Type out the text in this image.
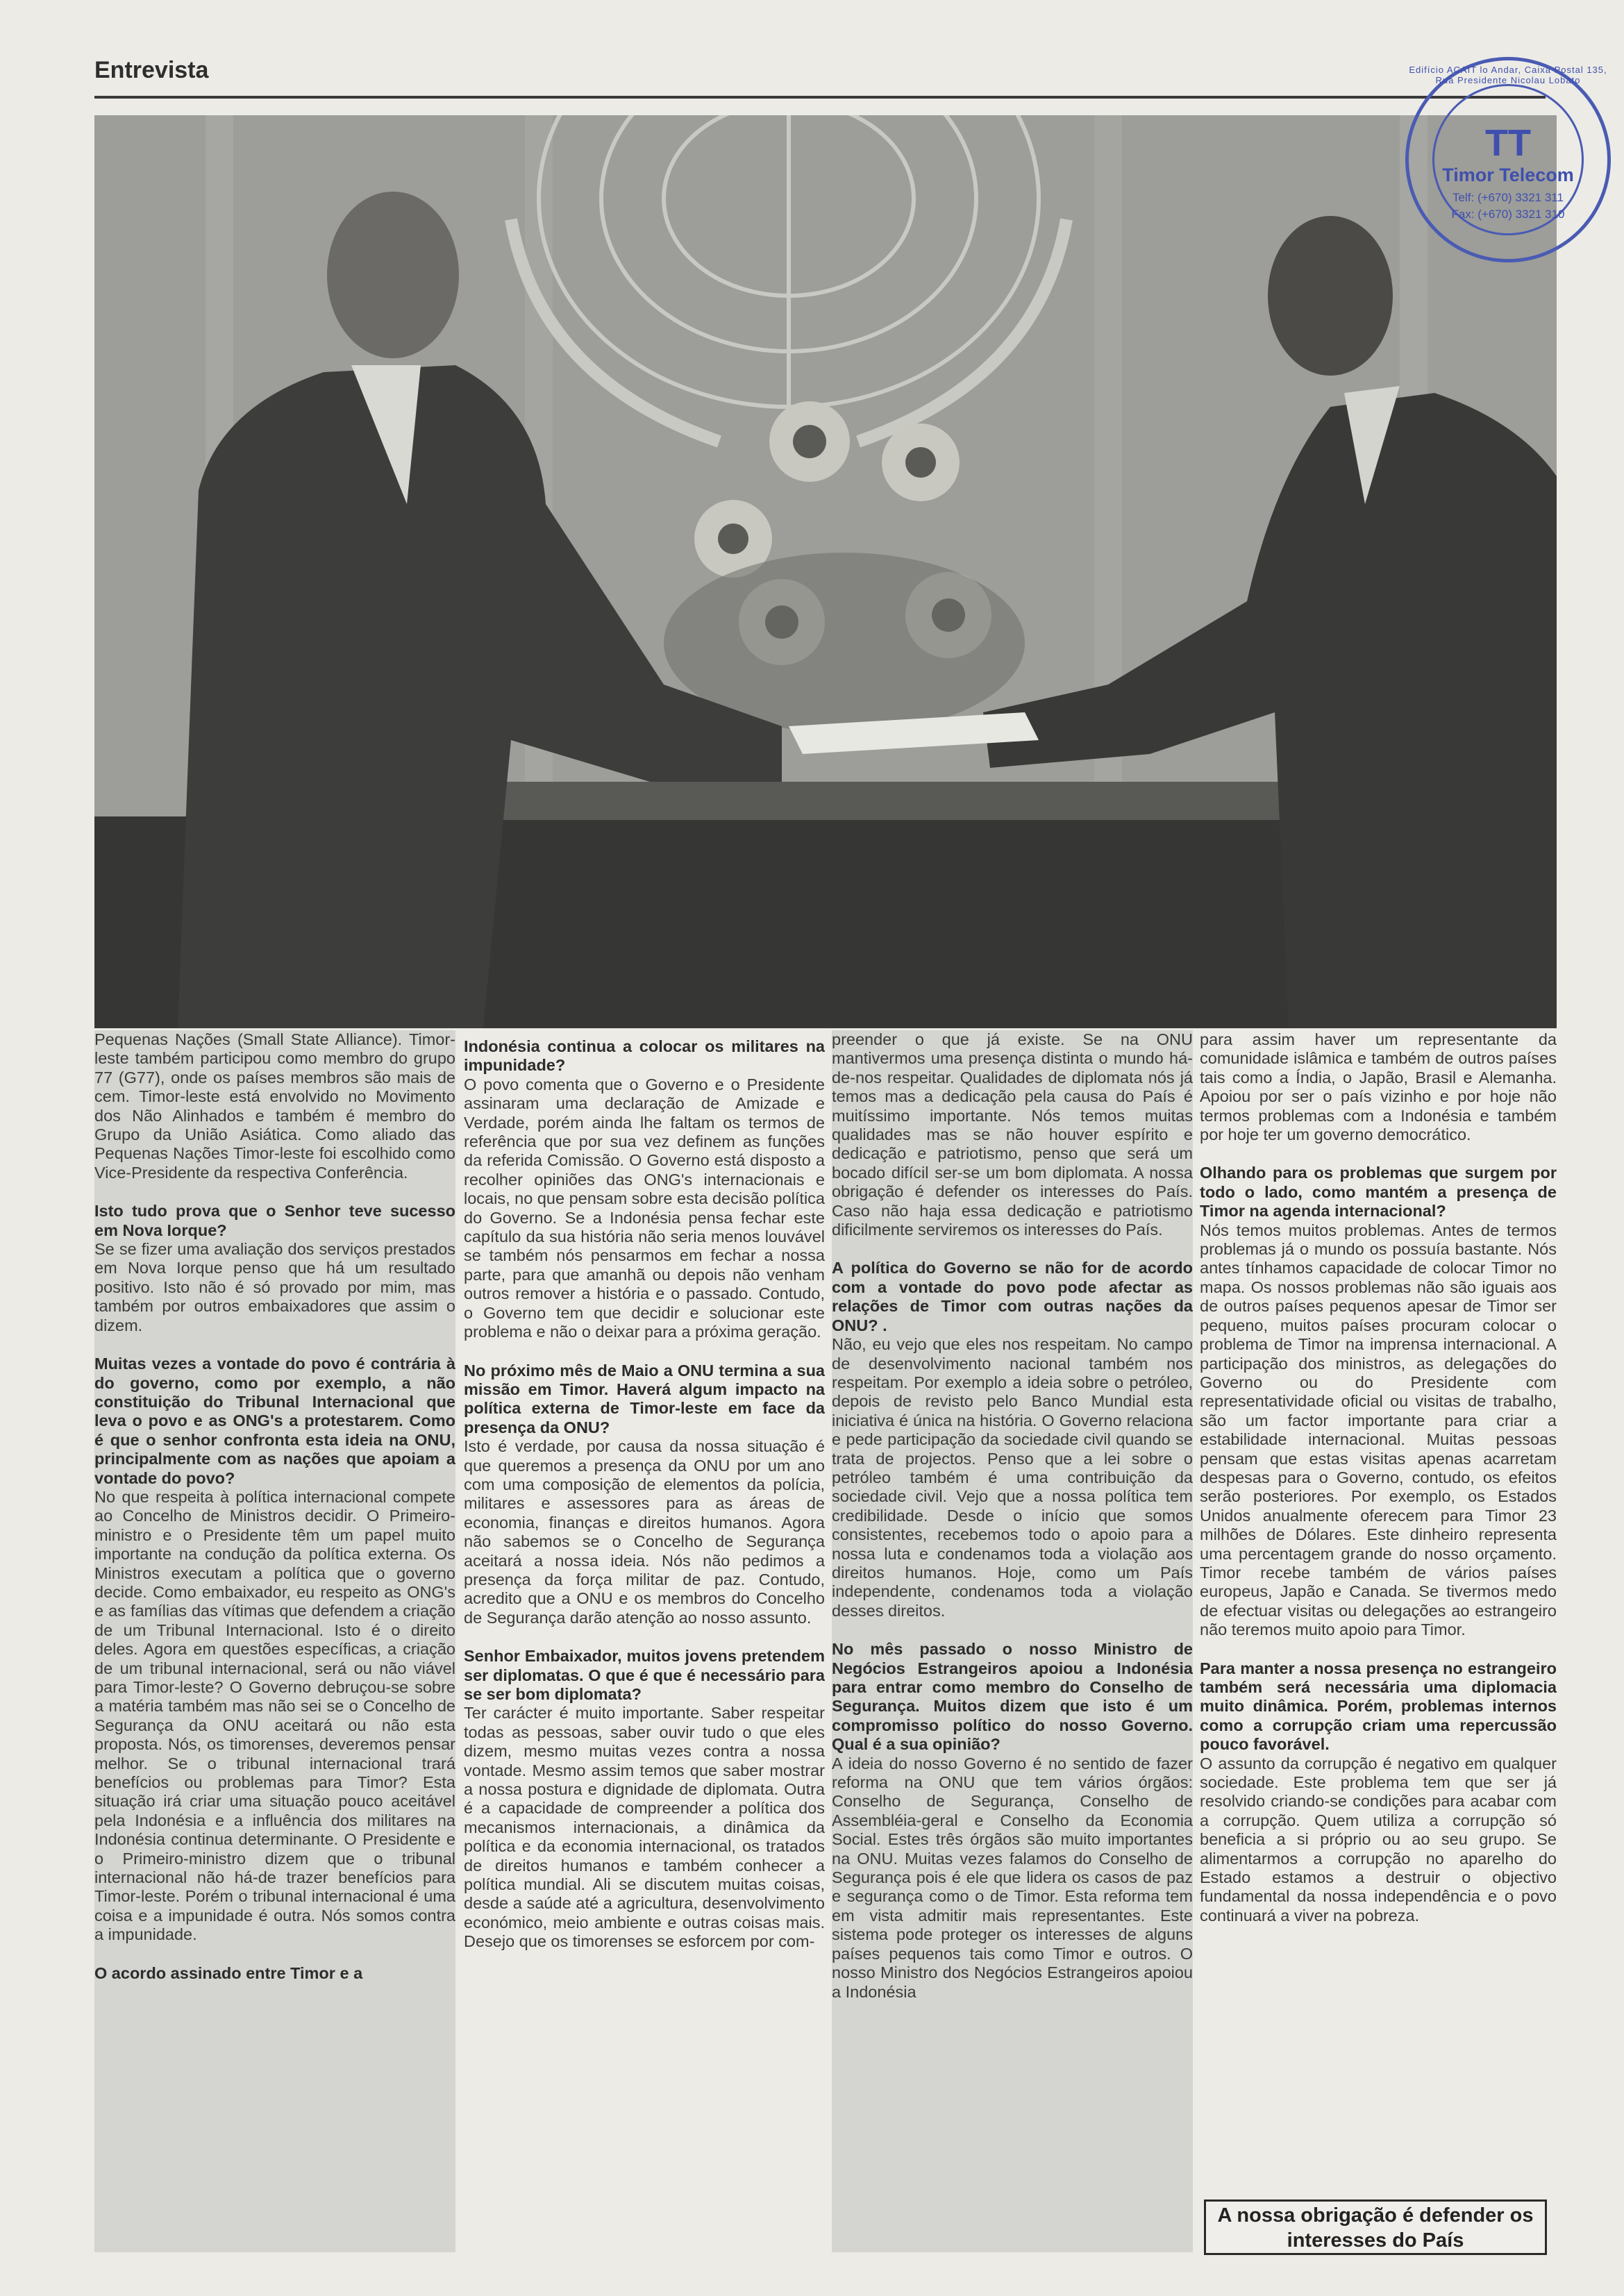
Entrevista	Edifício ACAIT lo Andar, Caixa Postal 135, Rua Presidente Nicolau Lobato
TT
Timor Telecom
Telf: (+670) 3321 311
Fax: (+670) 3321 310

Pequenas Nações (Small State Alliance). Timor-leste também participou como membro do grupo 77 (G77), onde os países membros são mais de cem. Timor-leste está envolvido no Movimento dos Não Alinhados e também é membro do Grupo da União Asiática. Como aliado das Pequenas Nações Timor-leste foi escolhido como Vice-Presidente da respectiva Conferência.

Isto tudo prova que o Senhor teve sucesso em Nova Iorque?

Se se fizer uma avaliação dos serviços prestados em Nova Iorque penso que há um resultado positivo. Isto não é só provado por mim, mas também por outros embaixadores que assim o dizem.

Muitas vezes a vontade do povo é contrária à do governo, como por exemplo, a não constituição do Tribunal Internacional que leva o povo e as ONG's a protestarem. Como é que o senhor confronta esta ideia na ONU, principalmente com as nações que apoiam a vontade do povo?

No que respeita à política internacional compete ao Concelho de Ministros decidir. O Primeiro-ministro e o Presidente têm um papel muito importante na condução da política externa. Os Ministros executam a política que o governo decide. Como embaixador, eu respeito as ONG's e as famílias das vítimas que defendem a criação de um Tribunal Internacional. Isto é o direito deles. Agora em questões específicas, a criação de um tribunal internacional, será ou não viável para Timor-leste? O Governo debruçou-se sobre a matéria também mas não sei se o Concelho de Segurança da ONU aceitará ou não esta proposta. Nós, os timorenses, deveremos pensar melhor. Se o tribunal internacional trará benefícios ou problemas para Timor? Esta situação irá criar uma situação pouco aceitável pela Indonésia e a influência dos militares na Indonésia continua determinante. O Presidente e o Primeiro-ministro dizem que o tribunal internacional não há-de trazer benefícios para Timor-leste. Porém o tribunal internacional é uma coisa e a impunidade é outra. Nós somos contra a impunidade.

O acordo assinado entre Timor e a

Indonésia continua a colocar os militares na impunidade?

O povo comenta que o Governo e o Presidente assinaram uma declaração de Amizade e Verdade, porém ainda lhe faltam os termos de referência que por sua vez definem as funções da referida Comissão. O Governo está disposto a recolher opiniões das ONG's internacionais e locais, no que pensam sobre esta decisão política do Governo. Se a Indonésia pensa fechar este capítulo da sua história não seria menos louvável se também nós pensarmos em fechar a nossa parte, para que amanhã ou depois não venham outros remover a história e o passado. Contudo, o Governo tem que decidir e solucionar este problema e não o deixar para a próxima geração.

No próximo mês de Maio a ONU termina a sua missão em Timor. Haverá algum impacto na política externa de Timor-leste em face da presença da ONU?

Isto é verdade, por causa da nossa situação é que queremos a presença da ONU por um ano com uma composição de elementos da polícia, militares e assessores para as áreas de economia, finanças e direitos humanos. Agora não sabemos se o Concelho de Segurança aceitará a nossa ideia. Nós não pedimos a presença da força militar de paz. Contudo, acredito que a ONU e os membros do Concelho de Segurança darão atenção ao nosso assunto.

Senhor Embaixador, muitos jovens pretendem ser diplomatas. O que é que é necessário para se ser bom diplomata?

Ter carácter é muito importante. Saber respeitar todas as pessoas, saber ouvir tudo o que eles dizem, mesmo muitas vezes contra a nossa vontade. Mesmo assim temos que saber mostrar a nossa postura e dignidade de diplomata. Outra é a capacidade de compreender a política dos mecanismos internacionais, a dinâmica da política e da economia internacional, os tratados de direitos humanos e também conhecer a política mundial. Ali se discutem muitas coisas, desde a saúde até a agricultura, desenvolvimento económico, meio ambiente e outras coisas mais. Desejo que os timorenses se esforcem por com-

preender o que já existe. Se na ONU mantivermos uma presença distinta o mundo há-de-nos respeitar. Qualidades de diplomata nós já temos mas a dedicação pela causa do País é muitíssimo importante. Nós temos muitas qualidades mas se não houver espírito e dedicação e patriotismo, penso que será um bocado difícil ser-se um bom diplomata. A nossa obrigação é defender os interesses do País. Caso não haja essa dedicação e patriotismo dificilmente serviremos os interesses do País.

A política do Governo se não for de acordo com a vontade do povo pode afectar as relações de Timor com outras nações da ONU? .

Não, eu vejo que eles nos respeitam. No campo de desenvolvimento nacional também nos respeitam. Por exemplo a ideia sobre o petróleo, depois de revisto pelo Banco Mundial esta iniciativa é única na história. O Governo relaciona e pede participação da sociedade civil quando se trata de projectos. Penso que a lei sobre o petróleo também é uma contribuição da sociedade civil. Vejo que a nossa política tem credibilidade. Desde o início que somos consistentes, recebemos todo o apoio para a nossa luta e condenamos toda a violação aos direitos humanos. Hoje, como um País independente, condenamos toda a violação desses direitos.

No mês passado o nosso Ministro de Negócios Estrangeiros apoiou a Indonésia para entrar como membro do Conselho de Segurança. Muitos dizem que isto é um compromisso político do nosso Governo. Qual é a sua opinião?

A ideia do nosso Governo é no sentido de fazer reforma na ONU que tem vários órgãos: Conselho de Segurança, Conselho de Assembléia-geral e Conselho da Economia Social. Estes três órgãos são muito importantes na ONU. Muitas vezes falamos do Conselho de Segurança pois é ele que lidera os casos de paz e segurança como o de Timor. Esta reforma tem em vista admitir mais representantes. Este sistema pode proteger os interesses de alguns países pequenos tais como Timor e outros. O nosso Ministro dos Negócios Estrangeiros apoiou a Indonésia

para assim haver um representante da comunidade islâmica e também de outros países tais como a Índia, o Japão, Brasil e Alemanha. Apoiou por ser o país vizinho e por hoje não termos problemas com a Indonésia e também por hoje ter um governo democrático.

Olhando para os problemas que surgem por todo o lado, como mantém a presença de Timor na agenda internacional?

Nós temos muitos problemas. Antes de termos problemas já o mundo os possuía bastante. Nós antes tínhamos capacidade de colocar Timor no mapa. Os nossos problemas não são iguais aos de outros países pequenos apesar de Timor ser pequeno, muitos países procuram colocar o problema de Timor na imprensa internacional. A participação dos ministros, as delegações do Governo ou do Presidente com representatividade oficial ou visitas de trabalho, são um factor importante para criar a estabilidade internacional. Muitas pessoas pensam que estas visitas apenas acarretam despesas para o Governo, contudo, os efeitos serão posteriores. Por exemplo, os Estados Unidos anualmente oferecem para Timor 23 milhões de Dólares. Este dinheiro representa uma percentagem grande do nosso orçamento. Timor recebe também de vários países europeus, Japão e Canada. Se tivermos medo de efectuar visitas ou delegações ao estrangeiro não teremos muito apoio para Timor.

Para manter a nossa presença no estrangeiro também será necessária uma diplomacia muito dinâmica. Porém, problemas internos como a corrupção criam uma repercussão pouco favorável.

O assunto da corrupção é negativo em qualquer sociedade. Este problema tem que ser já resolvido criando-se condições para acabar com a corrupção. Quem utiliza a corrupção só beneficia a si próprio ou ao seu grupo. Se alimentarmos a corrupção no aparelho do Estado estamos a destruir o objectivo fundamental da nossa independência e o povo continuará a viver na pobreza.

A nossa obrigação é defender os interesses do País
